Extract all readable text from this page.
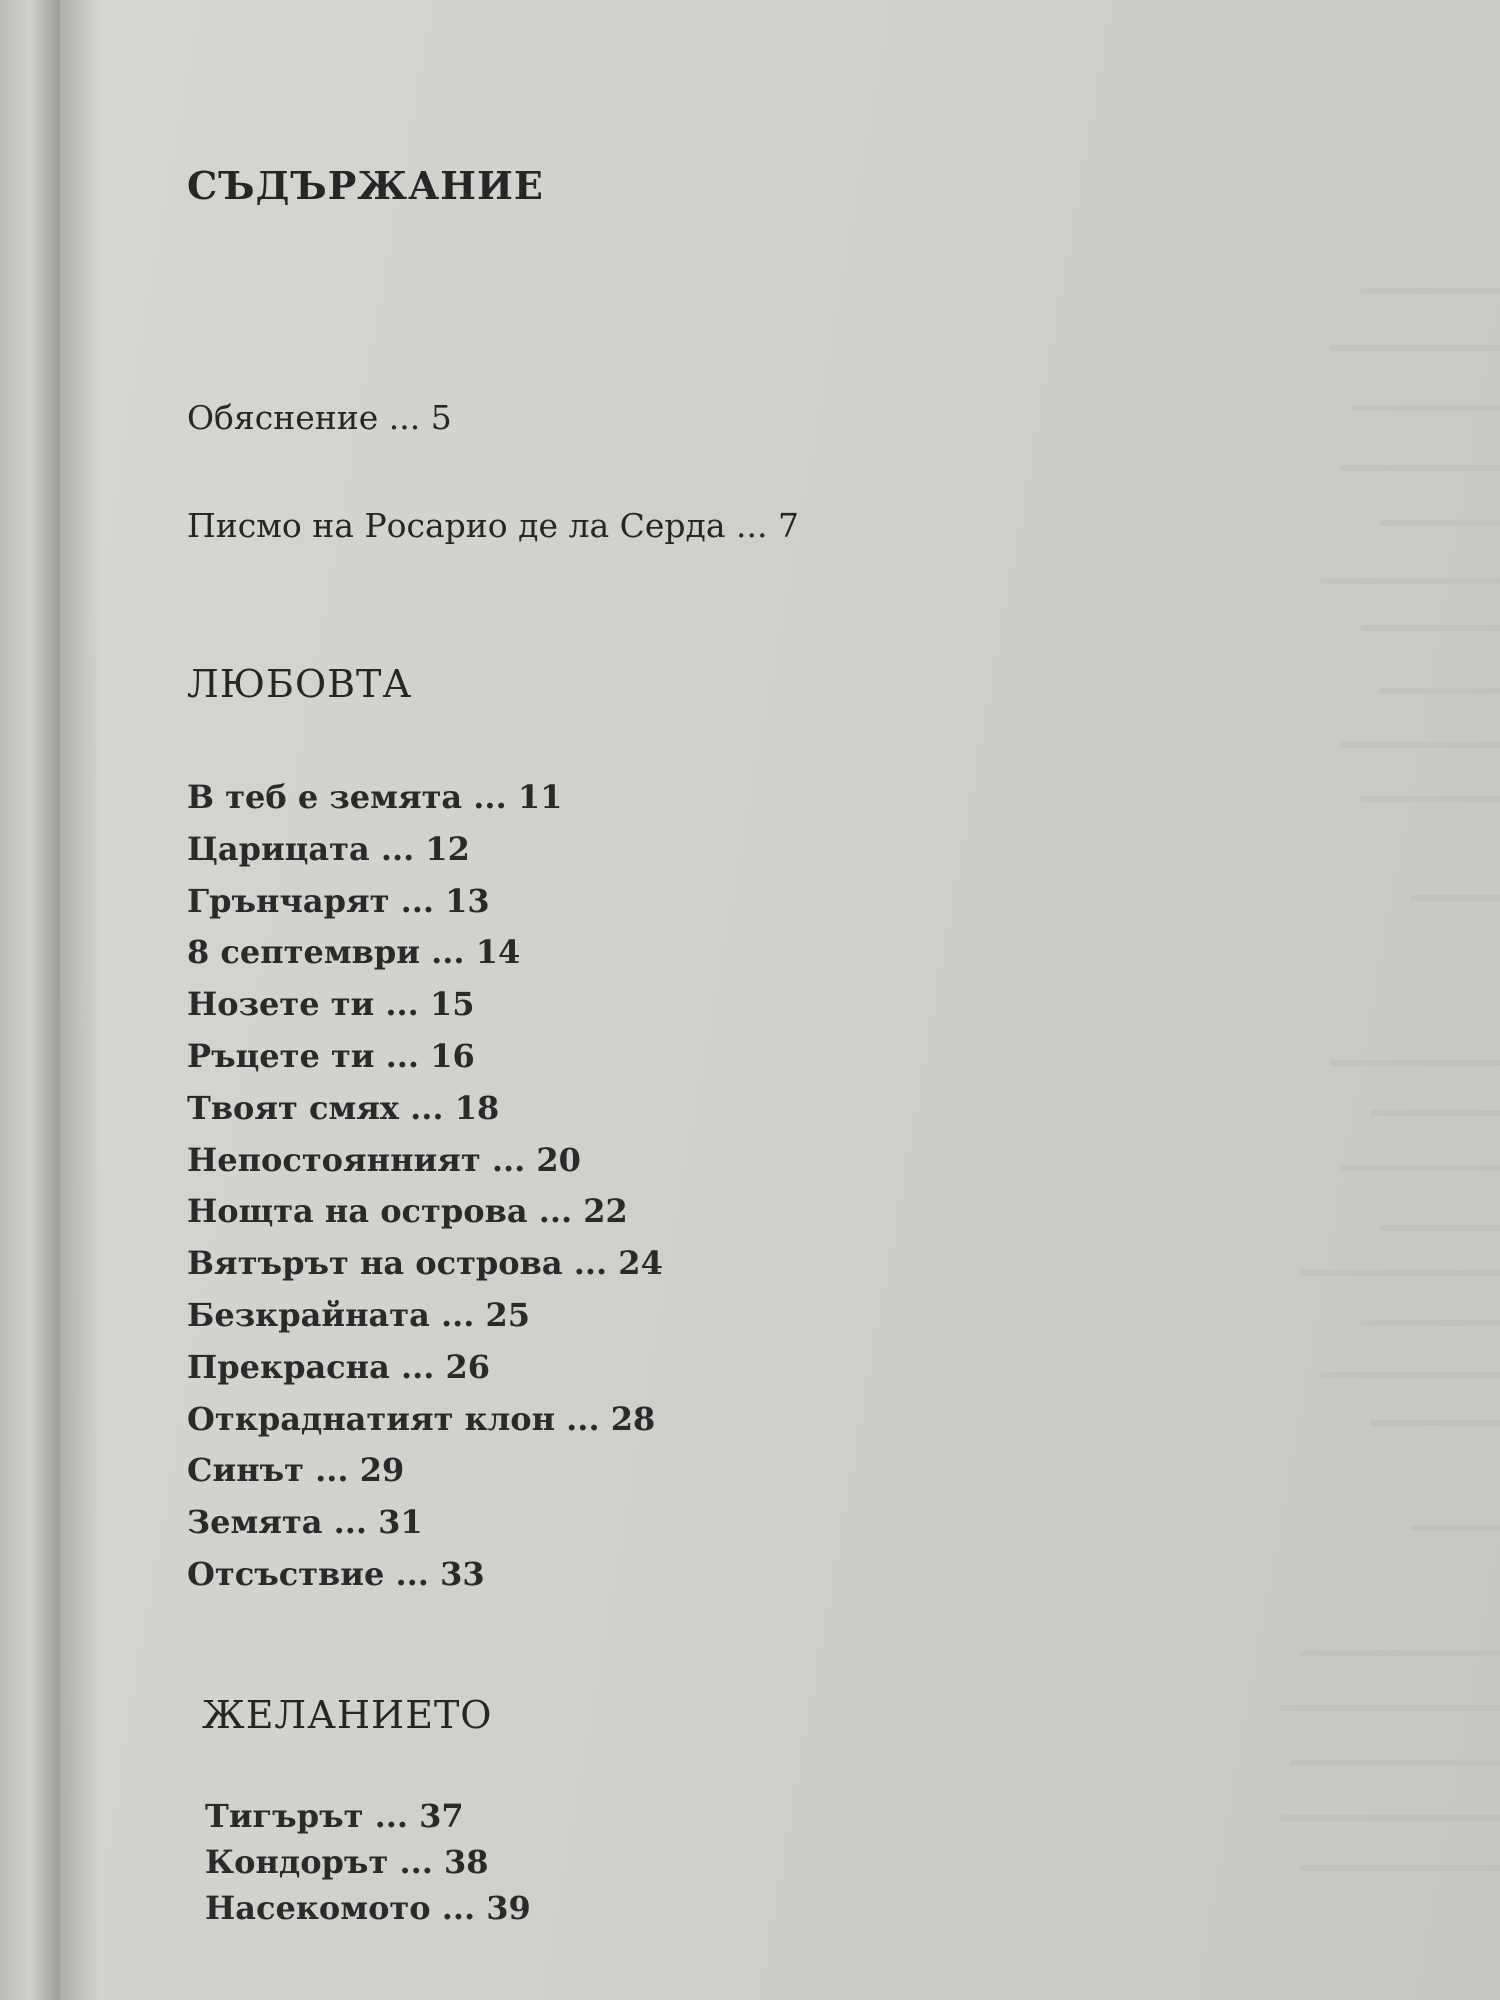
СЪДЪРЖАНИЕ
Обяснение ... 5
Писмо на Росарио де ла Серда ... 7
ЛЮБОВТА
В теб е земята ... 11
Царицата ... 12
Грънчарят ... 13
8 септември ... 14
Нозете ти ... 15
Ръцете ти ... 16
Твоят смях ... 18
Непостоянният ... 20
Нощта на острова ... 22
Вятърът на острова ... 24
Безкрайната ... 25
Прекрасна ... 26
Откраднатият клон ... 28
Синът ... 29
Земята ... 31
Отсъствие ... 33
ЖЕЛАНИЕТО
Тигърът ... 37
Кондорът ... 38
Насекомото ... 39
